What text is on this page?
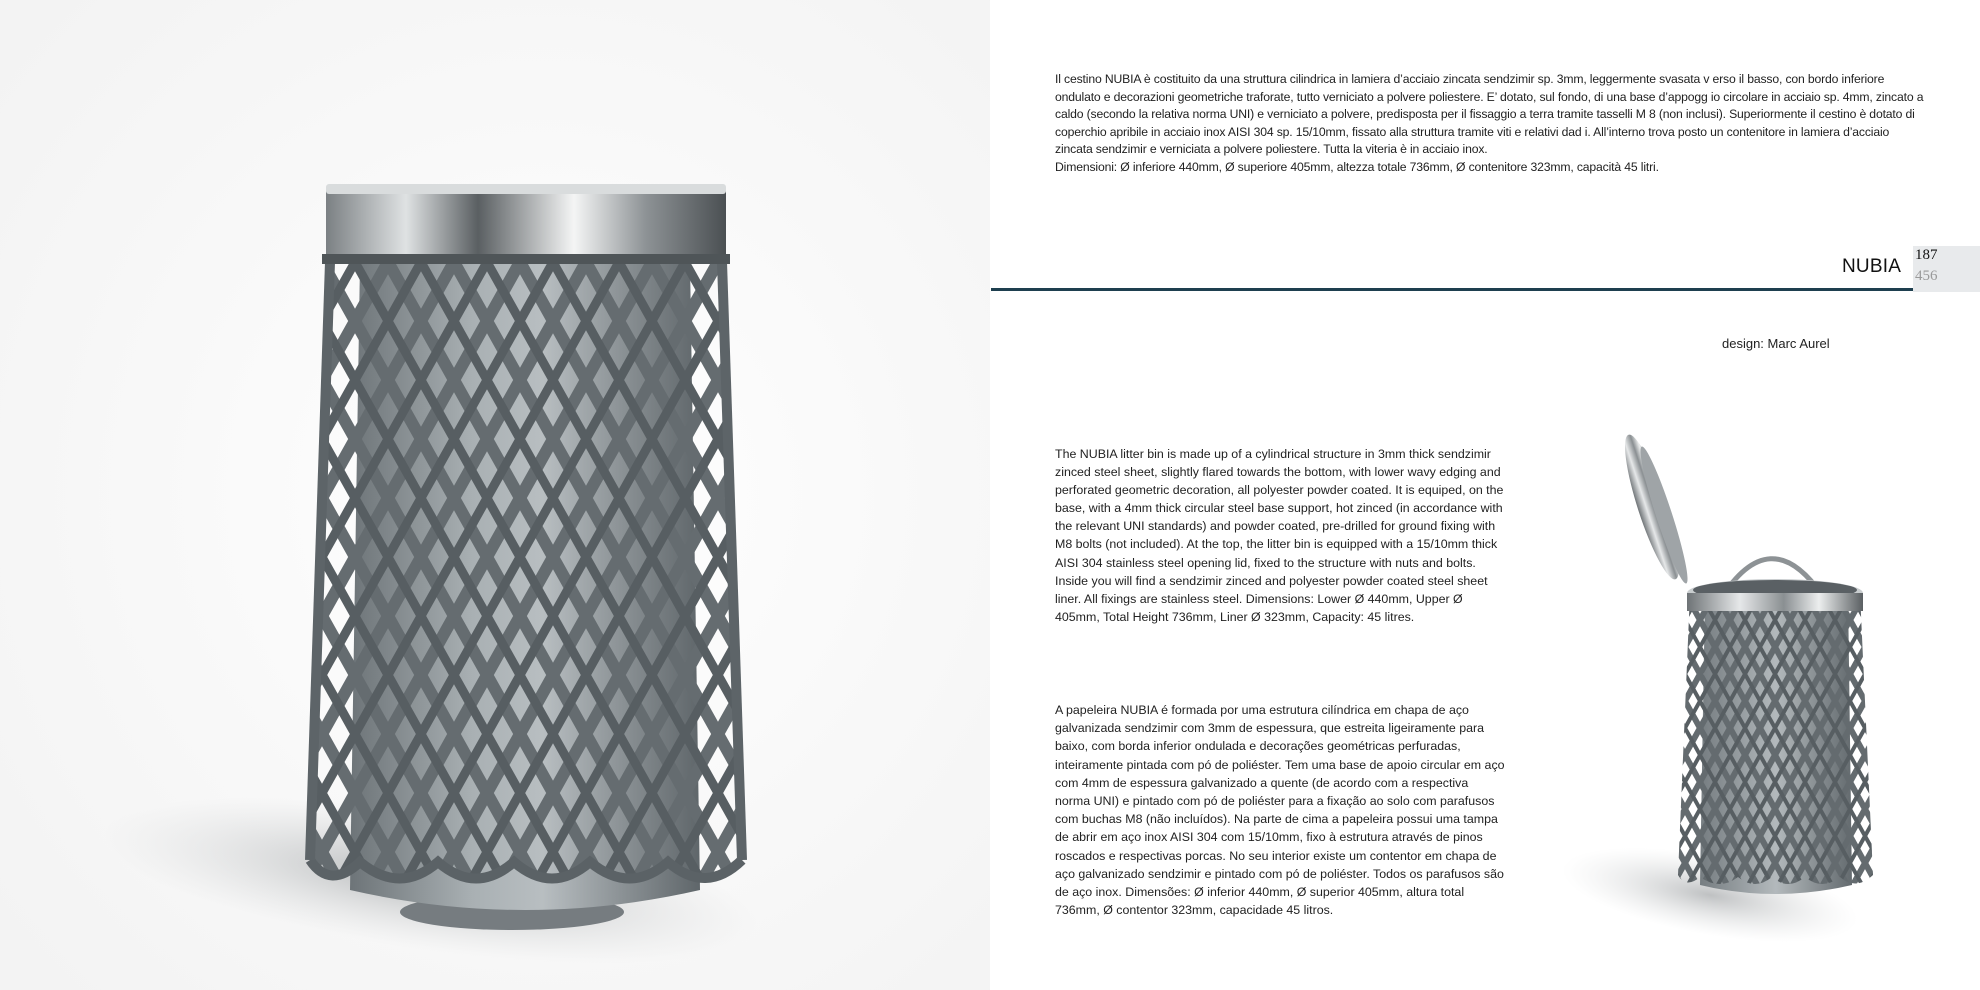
Il cestino NUBIA è costituito da una struttura cilindrica in lamiera d’acciaio zincata sendzimir sp. 3mm, leggermente svasata v erso il basso, con bordo inferiore ondulato e decorazioni geometriche traforate, tutto verniciato a polvere poliestere. E’ dotato, sul fondo, di una base d’appogg io circolare in acciaio sp. 4mm, zincato a caldo (secondo la relativa norma UNI) e verniciato a polvere, predisposta per il fissaggio a terra tramite tasselli M 8 (non inclusi). Superiormente il cestino è dotato di coperchio apribile in acciaio inox AISI 304 sp. 15/10mm, fissato alla struttura tramite viti e relativi dad i. All’interno trova posto un contenitore in lamiera d’acciaio zincata sendzimir e verniciata a polvere poliestere. Tutta la viteria è in acciaio inox.
Dimensioni: Ø inferiore 440mm, Ø superiore 405mm, altezza totale 736mm, Ø contenitore 323mm, capacità 45 litri.

NUBIA
187
456
design: Marc Aurel

The NUBIA litter bin is made up of a cylindrical structure in 3mm thick sendzimir zinced steel sheet, slightly flared towards the bottom, with lower wavy edging and perforated geometric decoration, all polyester powder coated. It is equiped, on the base, with a 4mm thick circular steel base support, hot zinced (in accordance with the relevant UNI standards) and powder coated, pre-drilled for ground fixing with M8 bolts (not included). At the top, the litter bin is equipped with a 15/10mm thick AISI 304 stainless steel opening lid, fixed to the structure with nuts and bolts. Inside you will find a sendzimir zinced and polyester powder coated steel sheet liner. All fixings are stainless steel. Dimensions: Lower Ø 440mm, Upper Ø 405mm, Total Height 736mm, Liner Ø 323mm, Capacity: 45 litres.

A papeleira NUBIA é formada por uma estrutura cilíndrica em chapa de aço galvanizada sendzimir com 3mm de espessura, que estreita ligeiramente para baixo, com borda inferior ondulada e decorações geométricas perfuradas, inteiramente pintada com pó de poliéster. Tem uma base de apoio circular em aço com 4mm de espessura galvanizado a quente (de acordo com a respectiva norma UNI) e pintado com pó de poliéster para a fixação ao solo com parafusos com buchas M8 (não incluídos). Na parte de cima a papeleira possui uma tampa de abrir em aço inox AISI 304 com 15/10mm, fixo à estrutura através de pinos roscados e respectivas porcas. No seu interior existe um contentor em chapa de aço galvanizado sendzimir e pintado com pó de poliéster. Todos os parafusos são de aço inox. Dimensões: Ø inferior 440mm, Ø superior 405mm, altura total 736mm, Ø contentor 323mm, capacidade 45 litros.
